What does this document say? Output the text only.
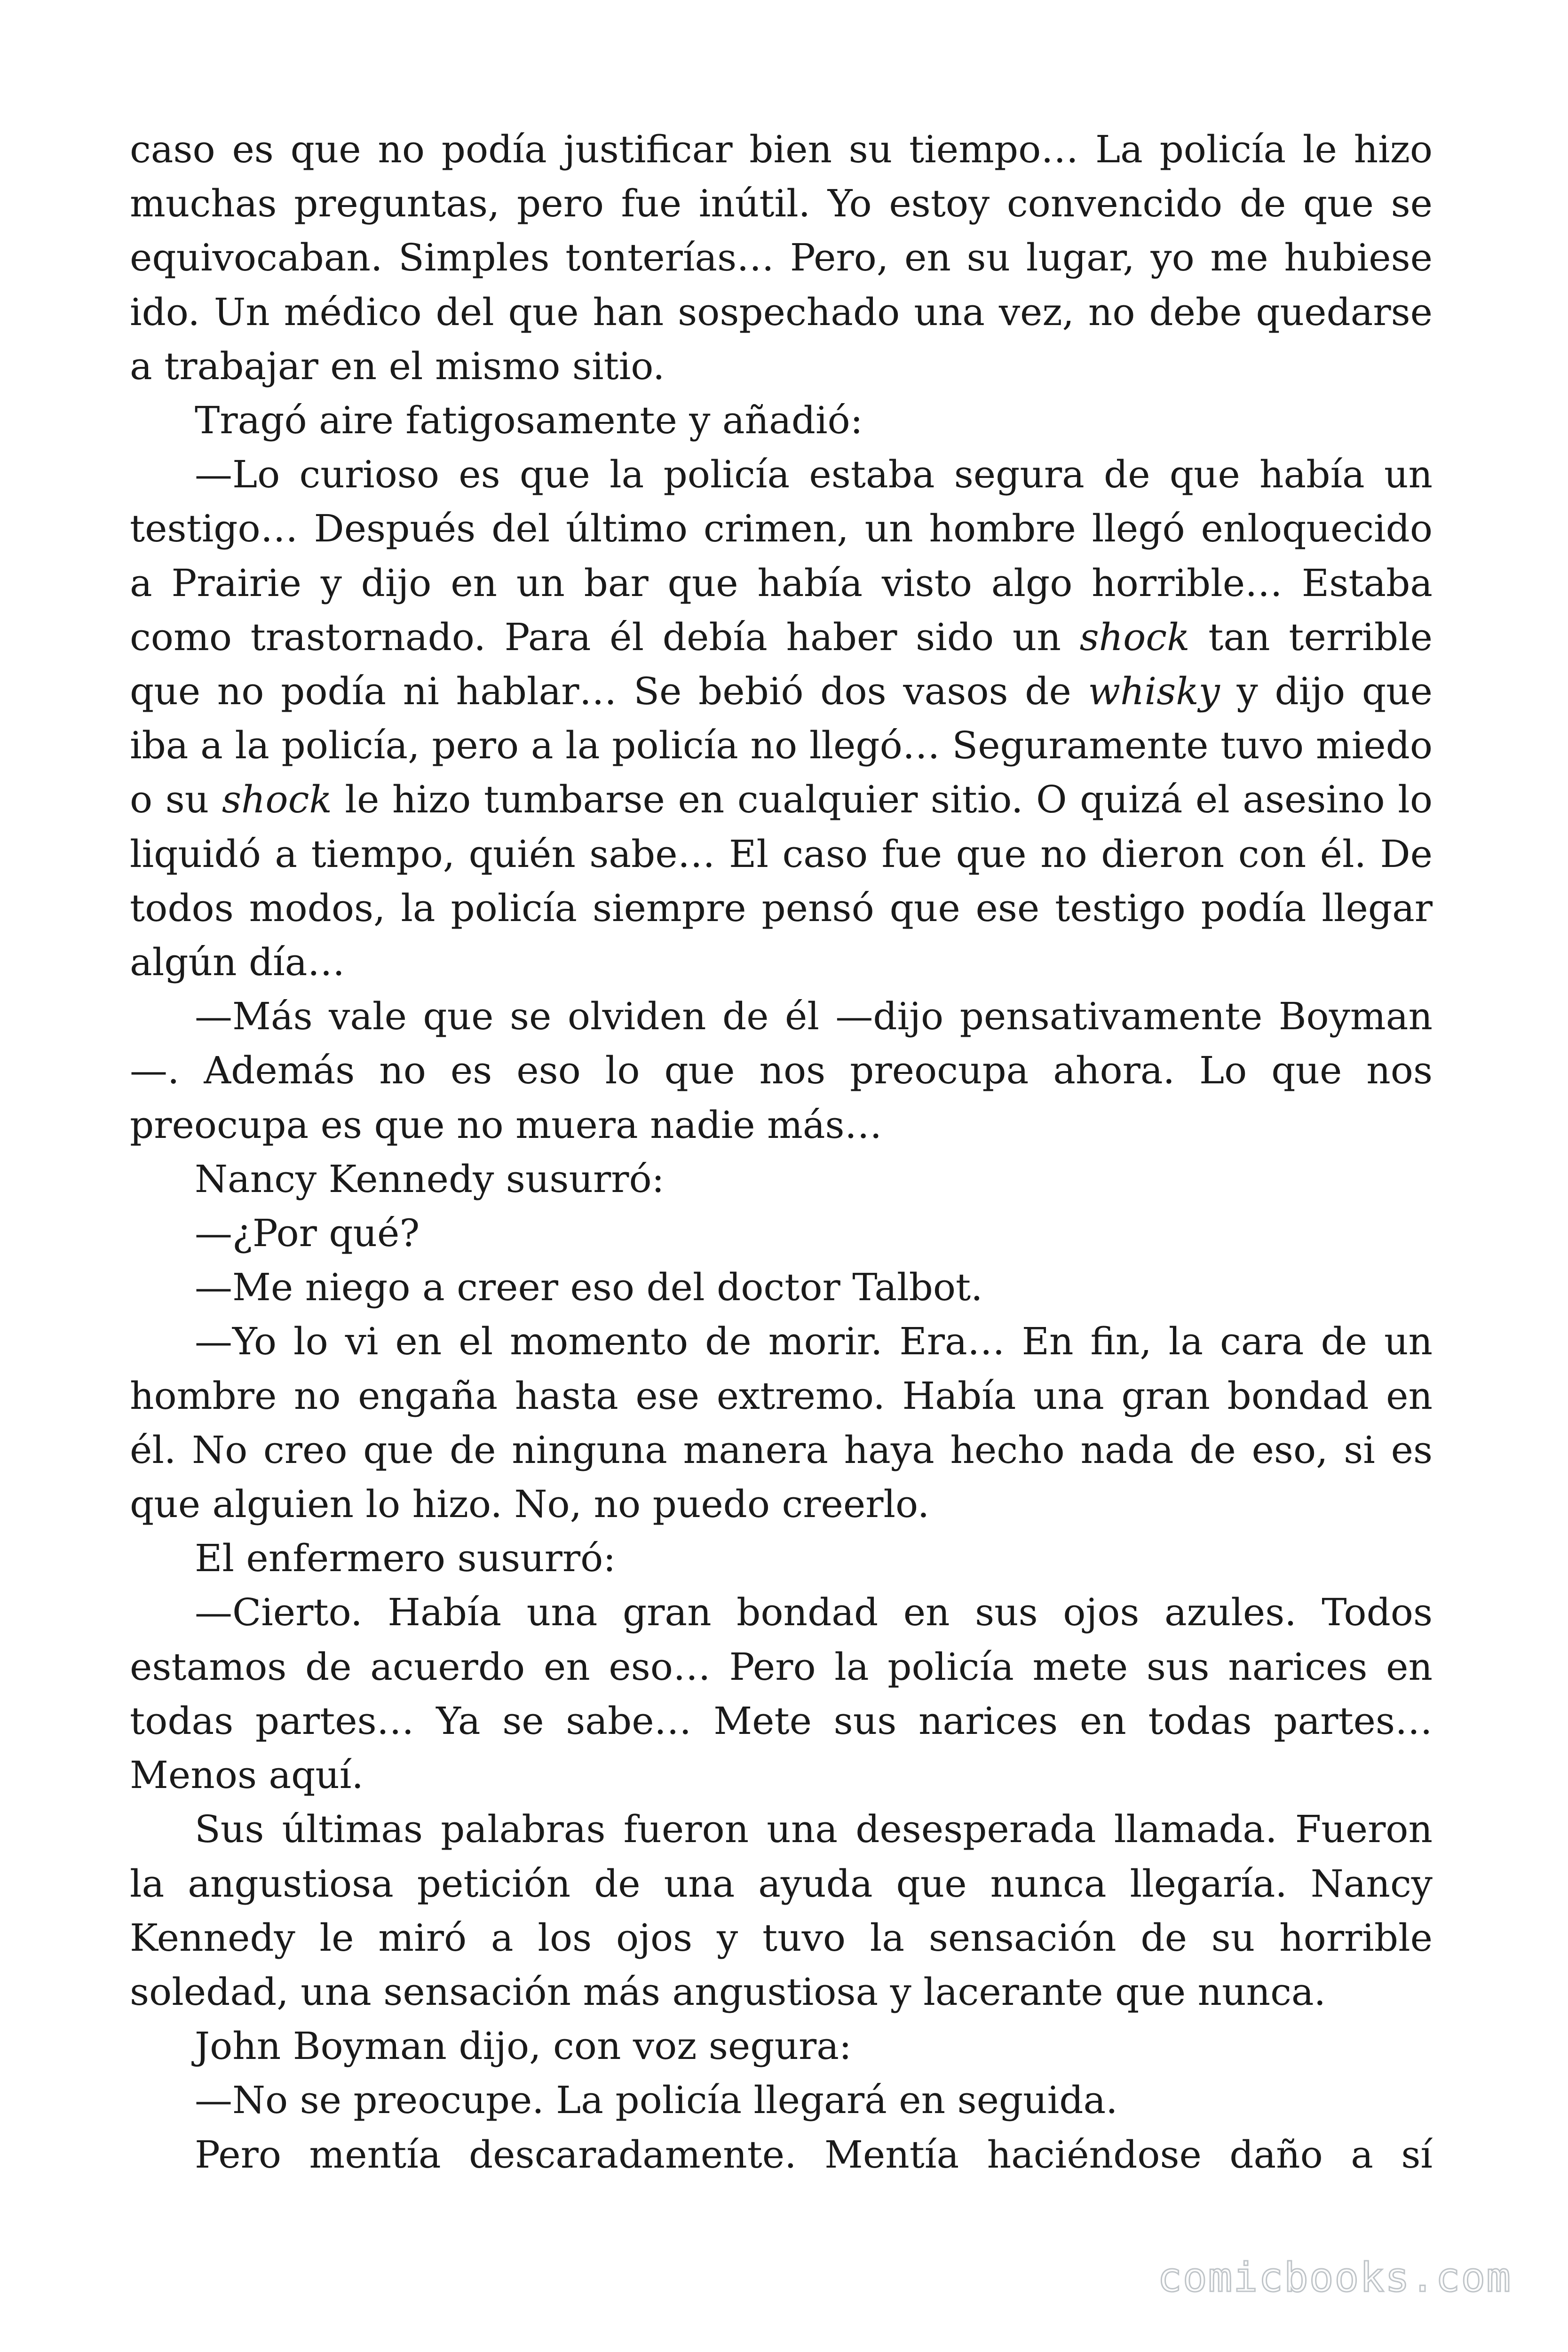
caso es que no podía justificar bien su tiempo… La policía le hizo muchas preguntas, pero fue inútil. Yo estoy convencido de que se equivocaban. Simples tonterías… Pero, en su lugar, yo me hubiese ido. Un médico del que han sospechado una vez, no debe quedarse a trabajar en el mismo sitio.

Tragó aire fatigosamente y añadió:

—Lo curioso es que la policía estaba segura de que había un testigo… Después del último crimen, un hombre llegó enloquecido a Prairie y dijo en un bar que había visto algo horrible… Estaba como trastornado. Para él debía haber sido un shock tan terrible que no podía ni hablar… Se bebió dos vasos de whisky y dijo que iba a la policía, pero a la policía no llegó… Seguramente tuvo miedo o su shock le hizo tumbarse en cualquier sitio. O quizá el asesino lo liquidó a tiempo, quién sabe… El caso fue que no dieron con él. De todos modos, la policía siempre pensó que ese testigo podía llegar algún día…

—Más vale que se olviden de él —dijo pensativamente Boyman —. Además no es eso lo que nos preocupa ahora. Lo que nos preocupa es que no muera nadie más…

Nancy Kennedy susurró:

—¿Por qué?

—Me niego a creer eso del doctor Talbot.

—Yo lo vi en el momento de morir. Era… En fin, la cara de un hombre no engaña hasta ese extremo. Había una gran bondad en él. No creo que de ninguna manera haya hecho nada de eso, si es que alguien lo hizo. No, no puedo creerlo.

El enfermero susurró:

—Cierto. Había una gran bondad en sus ojos azules. Todos estamos de acuerdo en eso… Pero la policía mete sus narices en todas partes… Ya se sabe… Mete sus narices en todas partes… Menos aquí.

Sus últimas palabras fueron una desesperada llamada. Fueron la angustiosa petición de una ayuda que nunca llegaría. Nancy Kennedy le miró a los ojos y tuvo la sensación de su horrible soledad, una sensación más angustiosa y lacerante que nunca.

John Boyman dijo, con voz segura:

—No se preocupe. La policía llegará en seguida.

Pero mentía descaradamente. Mentía haciéndose daño a sí

comicbooks.com
